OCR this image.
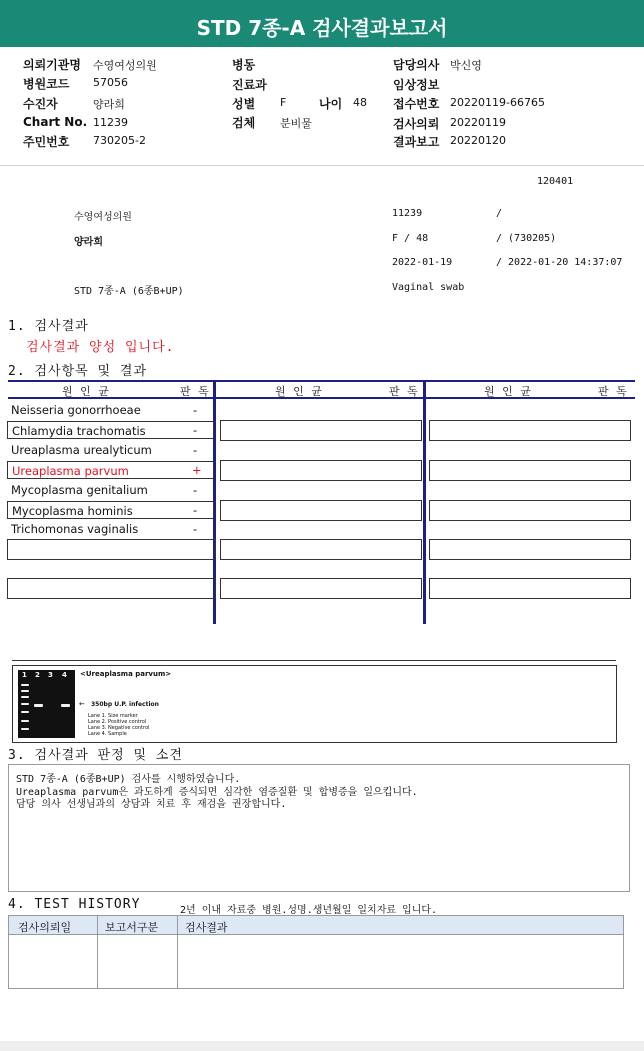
STD 7종-A 검사결과보고서
의뢰기관명 수영여성의원
병원코드 57056
수진자	양라희
Chart No. 11239
주민번호 730205-2
병동
진료과
성별 F	나이 48
검체 분비물
담당의사 박신영
임상정보
접수번호 20220119-66765
검사의뢰 20220119
결과보고 20220120
120401
수영여성의원	11239	/
양라희	F / 48	/ (730205)
2022-01-19	/ 2022-01-20 14:37:07
STD 7종-A (6종B+UP)	Vaginal swab
1. 검사결과
검사결과 양성 입니다.
2. 검사항목 및 결과
원 인 균	판 독	원 인 균	판 독	원 인 균	판 독
Neisseria gonorrhoeae	-
Chlamydia trachomatis	-
Ureaplasma urealyticum	-
Ureaplasma parvum	+
Mycoplasma genitalium	-
Mycoplasma hominis	-
Trichomonas vaginalis	-
1 2 3 4 <Ureaplasma parvum>
← 350bp U.P. infection
Lane 1. Size marker
Lane 2. Positive control
Lane 3. Negative control
Lane 4. Sample
3. 검사결과 판정 및 소견
STD 7종-A (6종B+UP) 검사를 시행하였습니다.
Ureaplasma parvum은 과도하게 증식되면 심각한 염증질환 및 합병증을 일으킵니다.
담당 의사 선생님과의 상담과 치료 후 재검을 권장합니다.
4. TEST HISTORY	2년 이내 자료중 병원.성명.생년월일 일치자료 입니다.
검사의뢰일	보고서구분 검사결과
